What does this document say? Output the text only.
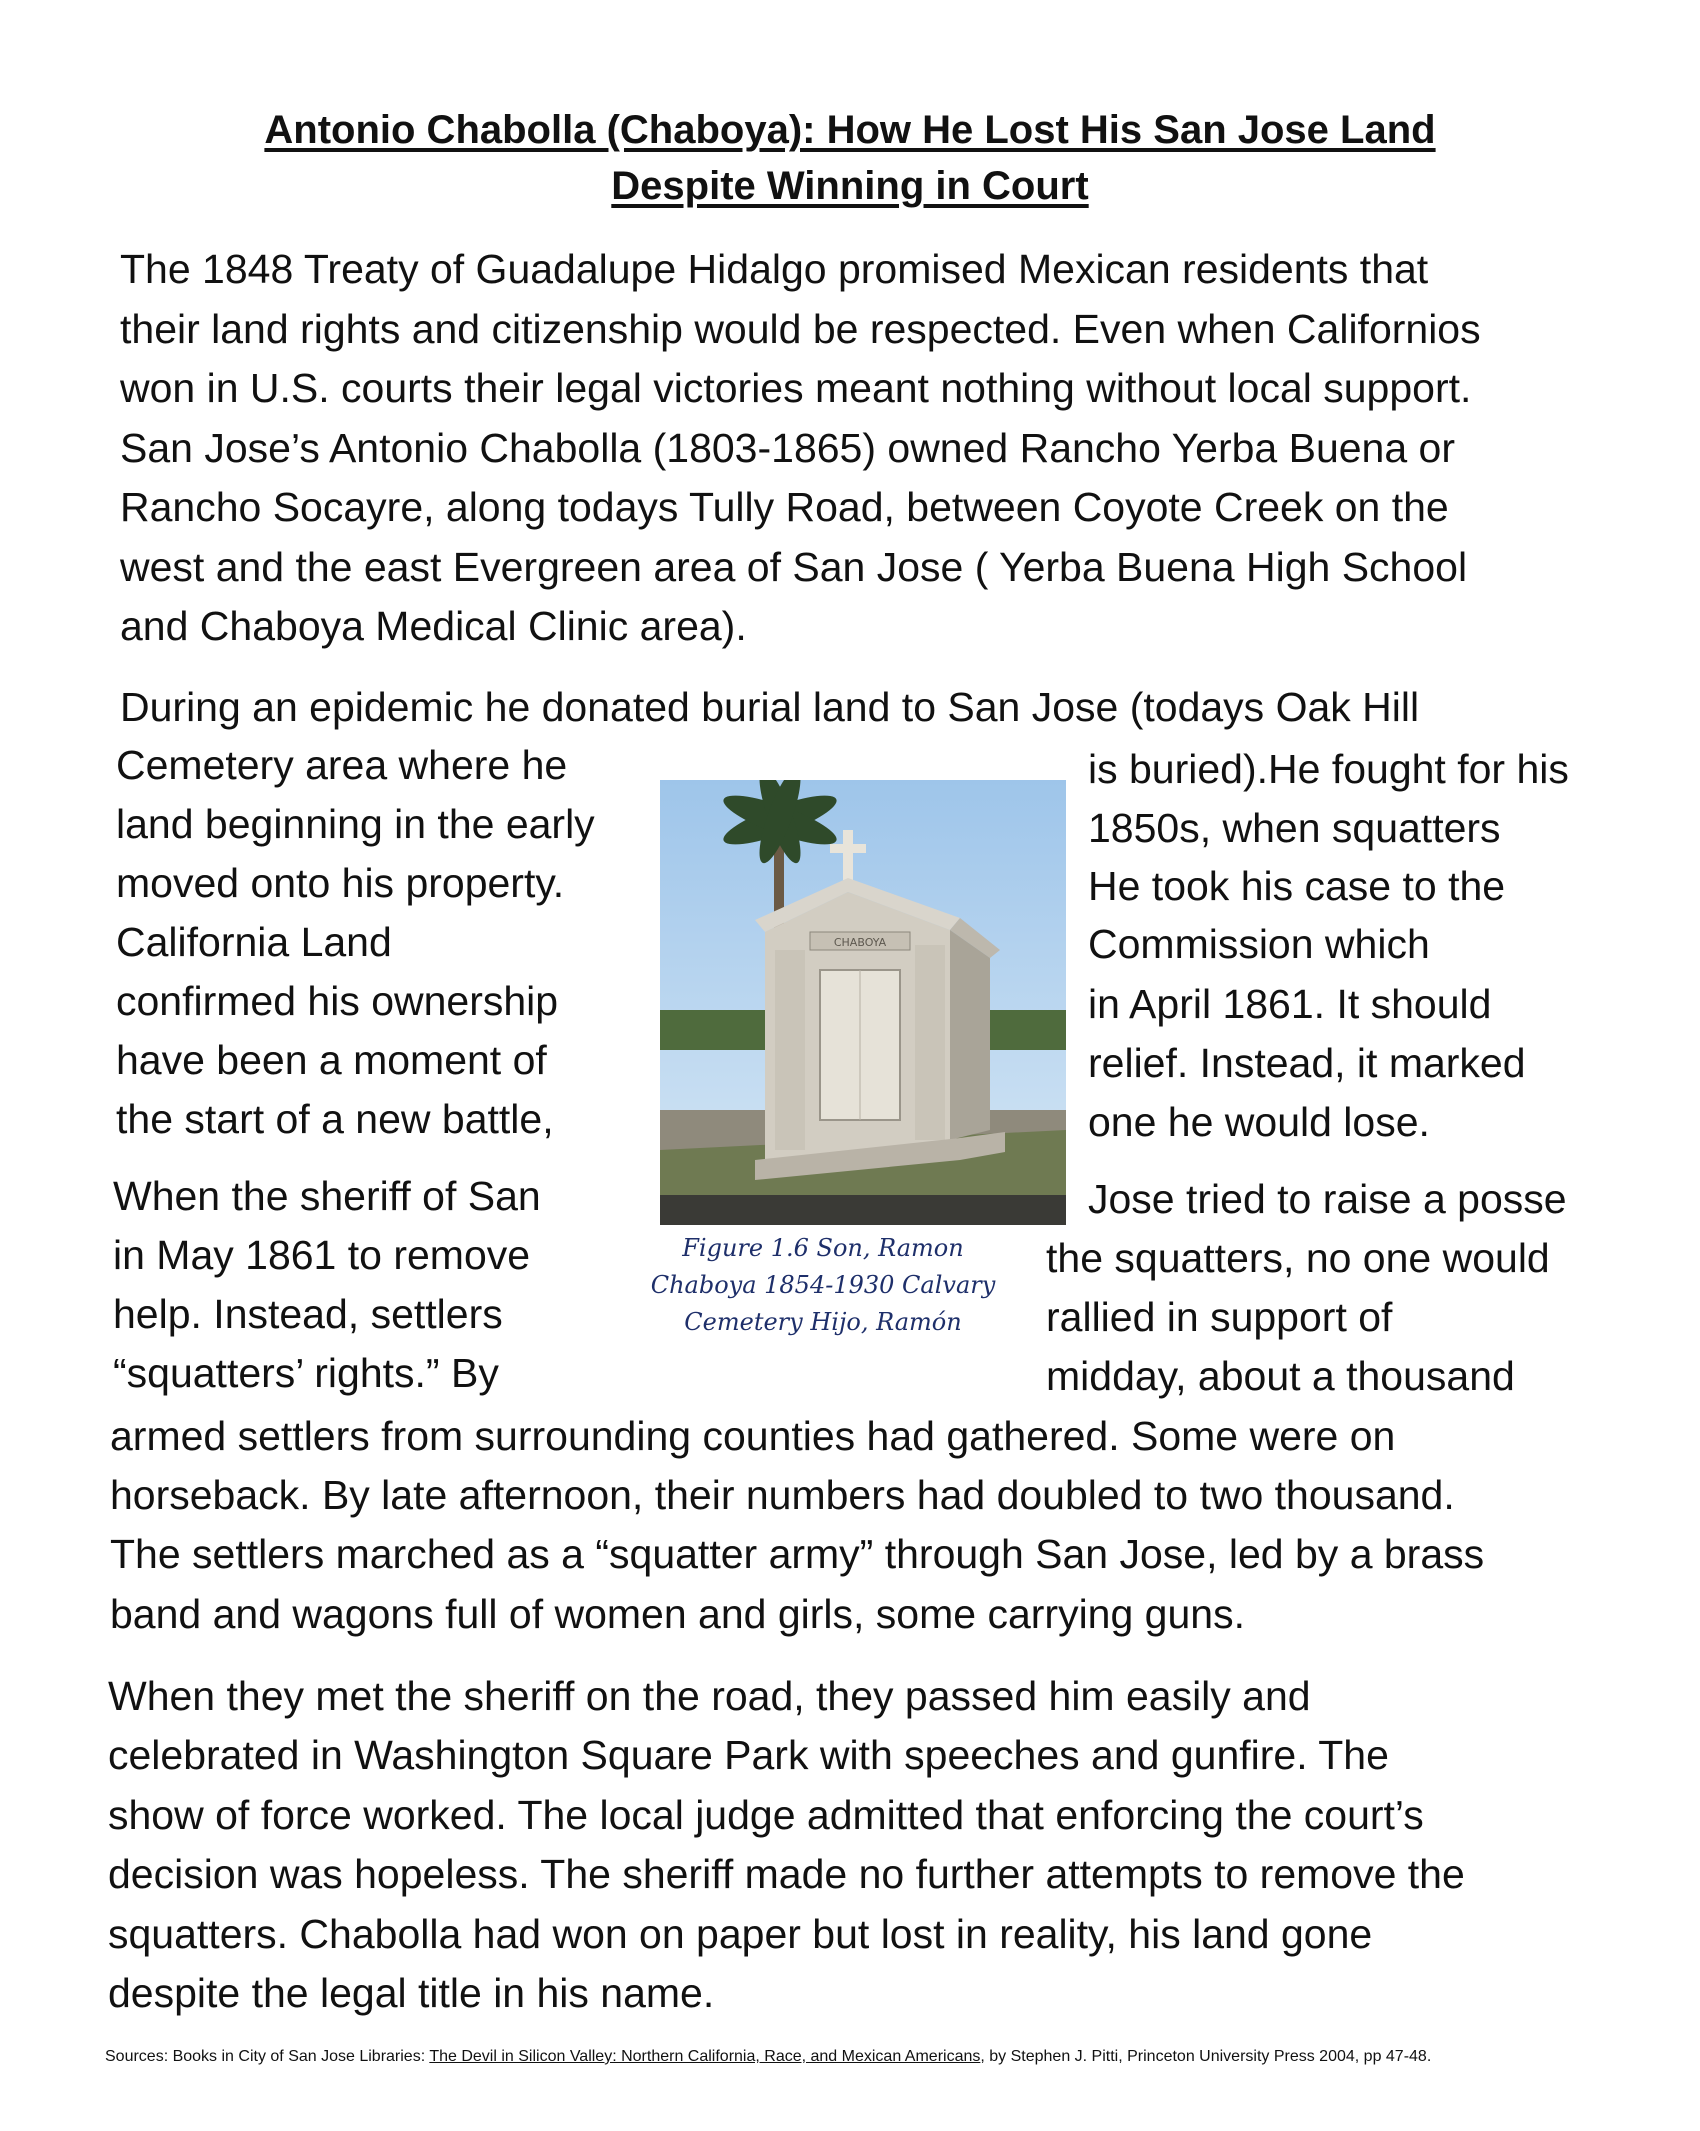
Antonio Chabolla (Chaboya): How He Lost His San Jose Land
Despite Winning in Court
The 1848 Treaty of Guadalupe Hidalgo promised Mexican residents that
their land rights and citizenship would be respected. Even when Californios
won in U.S. courts their legal victories meant nothing without local support.
San Jose’s Antonio Chabolla (1803-1865) owned Rancho Yerba Buena or
Rancho Socayre, along todays Tully Road, between Coyote Creek on the
west and the east Evergreen area of San Jose ( Yerba Buena High School
and Chaboya Medical Clinic area).
During an epidemic he donated burial land to San Jose (todays Oak Hill
Cemetery area where he
land beginning in the early
moved onto his property.
California Land
confirmed his ownership
have been a moment of
the start of a new battle,
is buried).He fought for his
1850s, when squatters
He took his case to the
Commission which
in April 1861. It should
relief. Instead, it marked
one he would lose.
CHABOYA
Figure 1.6 Son, Ramon
Chaboya 1854-1930 Calvary
Cemetery Hijo, Ramón
When the sheriff of San
in May 1861 to remove
help. Instead, settlers
“squatters’ rights.” By
Jose tried to raise a posse
the squatters, no one would
rallied in support of
midday, about a thousand
armed settlers from surrounding counties had gathered. Some were on
horseback. By late afternoon, their numbers had doubled to two thousand.
The settlers marched as a “squatter army” through San Jose, led by a brass
band and wagons full of women and girls, some carrying guns.
When they met the sheriff on the road, they passed him easily and
celebrated in Washington Square Park with speeches and gunfire. The
show of force worked. The local judge admitted that enforcing the court’s
decision was hopeless. The sheriff made no further attempts to remove the
squatters. Chabolla had won on paper but lost in reality, his land gone
despite the legal title in his name.
Sources: Books in City of San Jose Libraries: The Devil in Silicon Valley: Northern California, Race, and Mexican Americans, by Stephen J. Pitti, Princeton University Press 2004, pp 47-48.
